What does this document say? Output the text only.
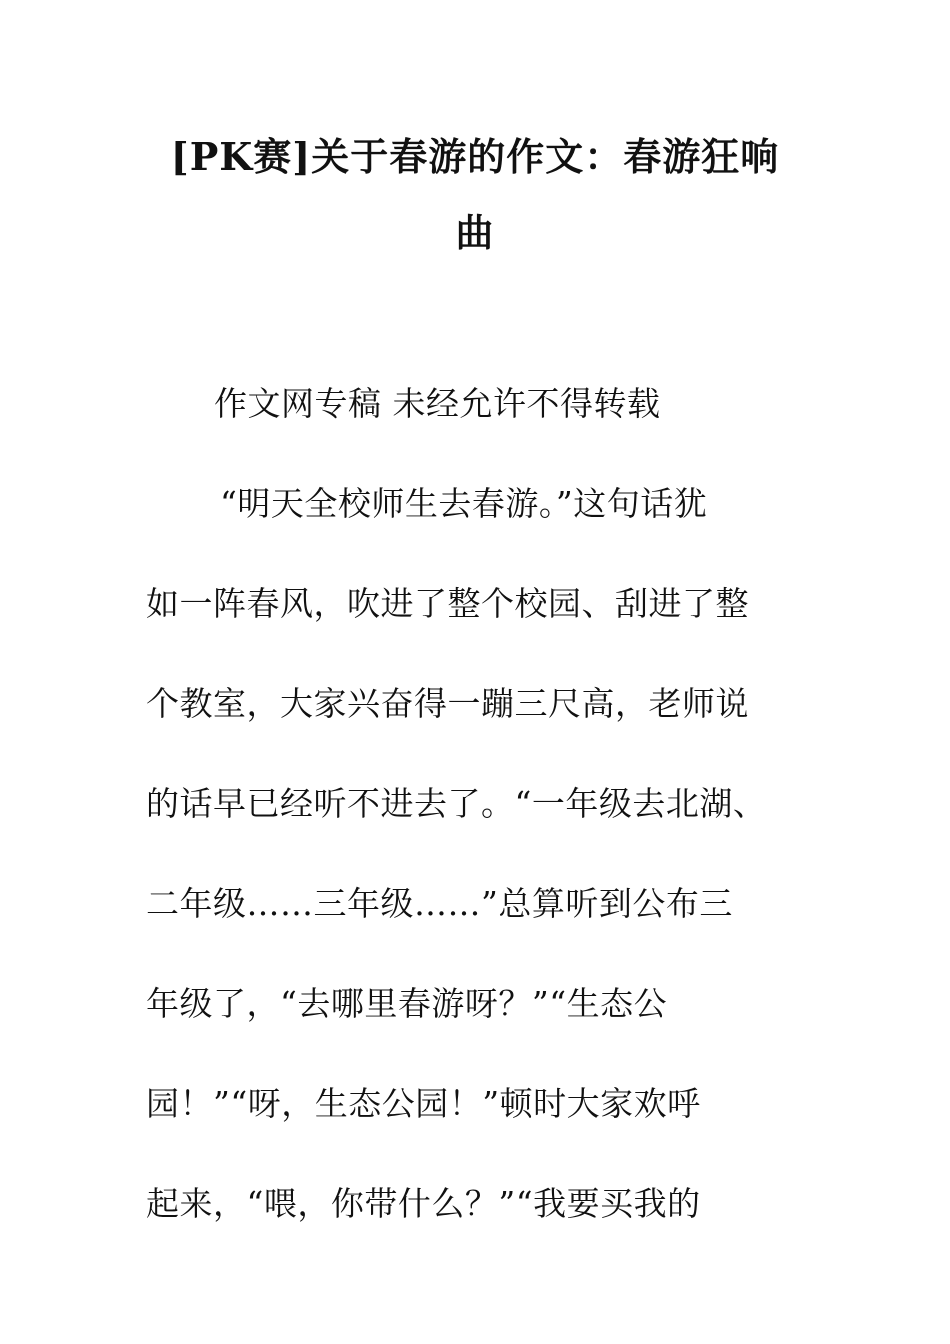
[PK赛]关于春游的作文：春游狂响
曲
作文网专稿 未经允许不得转载
“明天全校师生去春游。”这句话犹
如一阵春风，吹进了整个校园、刮进了整
个教室，大家兴奋得一蹦三尺高，老师说
的话早已经听不进去了。“一年级去北湖、
二年级……三年级……”总算听到公布三
年级了，“去哪里春游呀？”“生态公
园！”“呀，生态公园！”顿时大家欢呼
起来，“喂，你带什么？”“我要买我的
